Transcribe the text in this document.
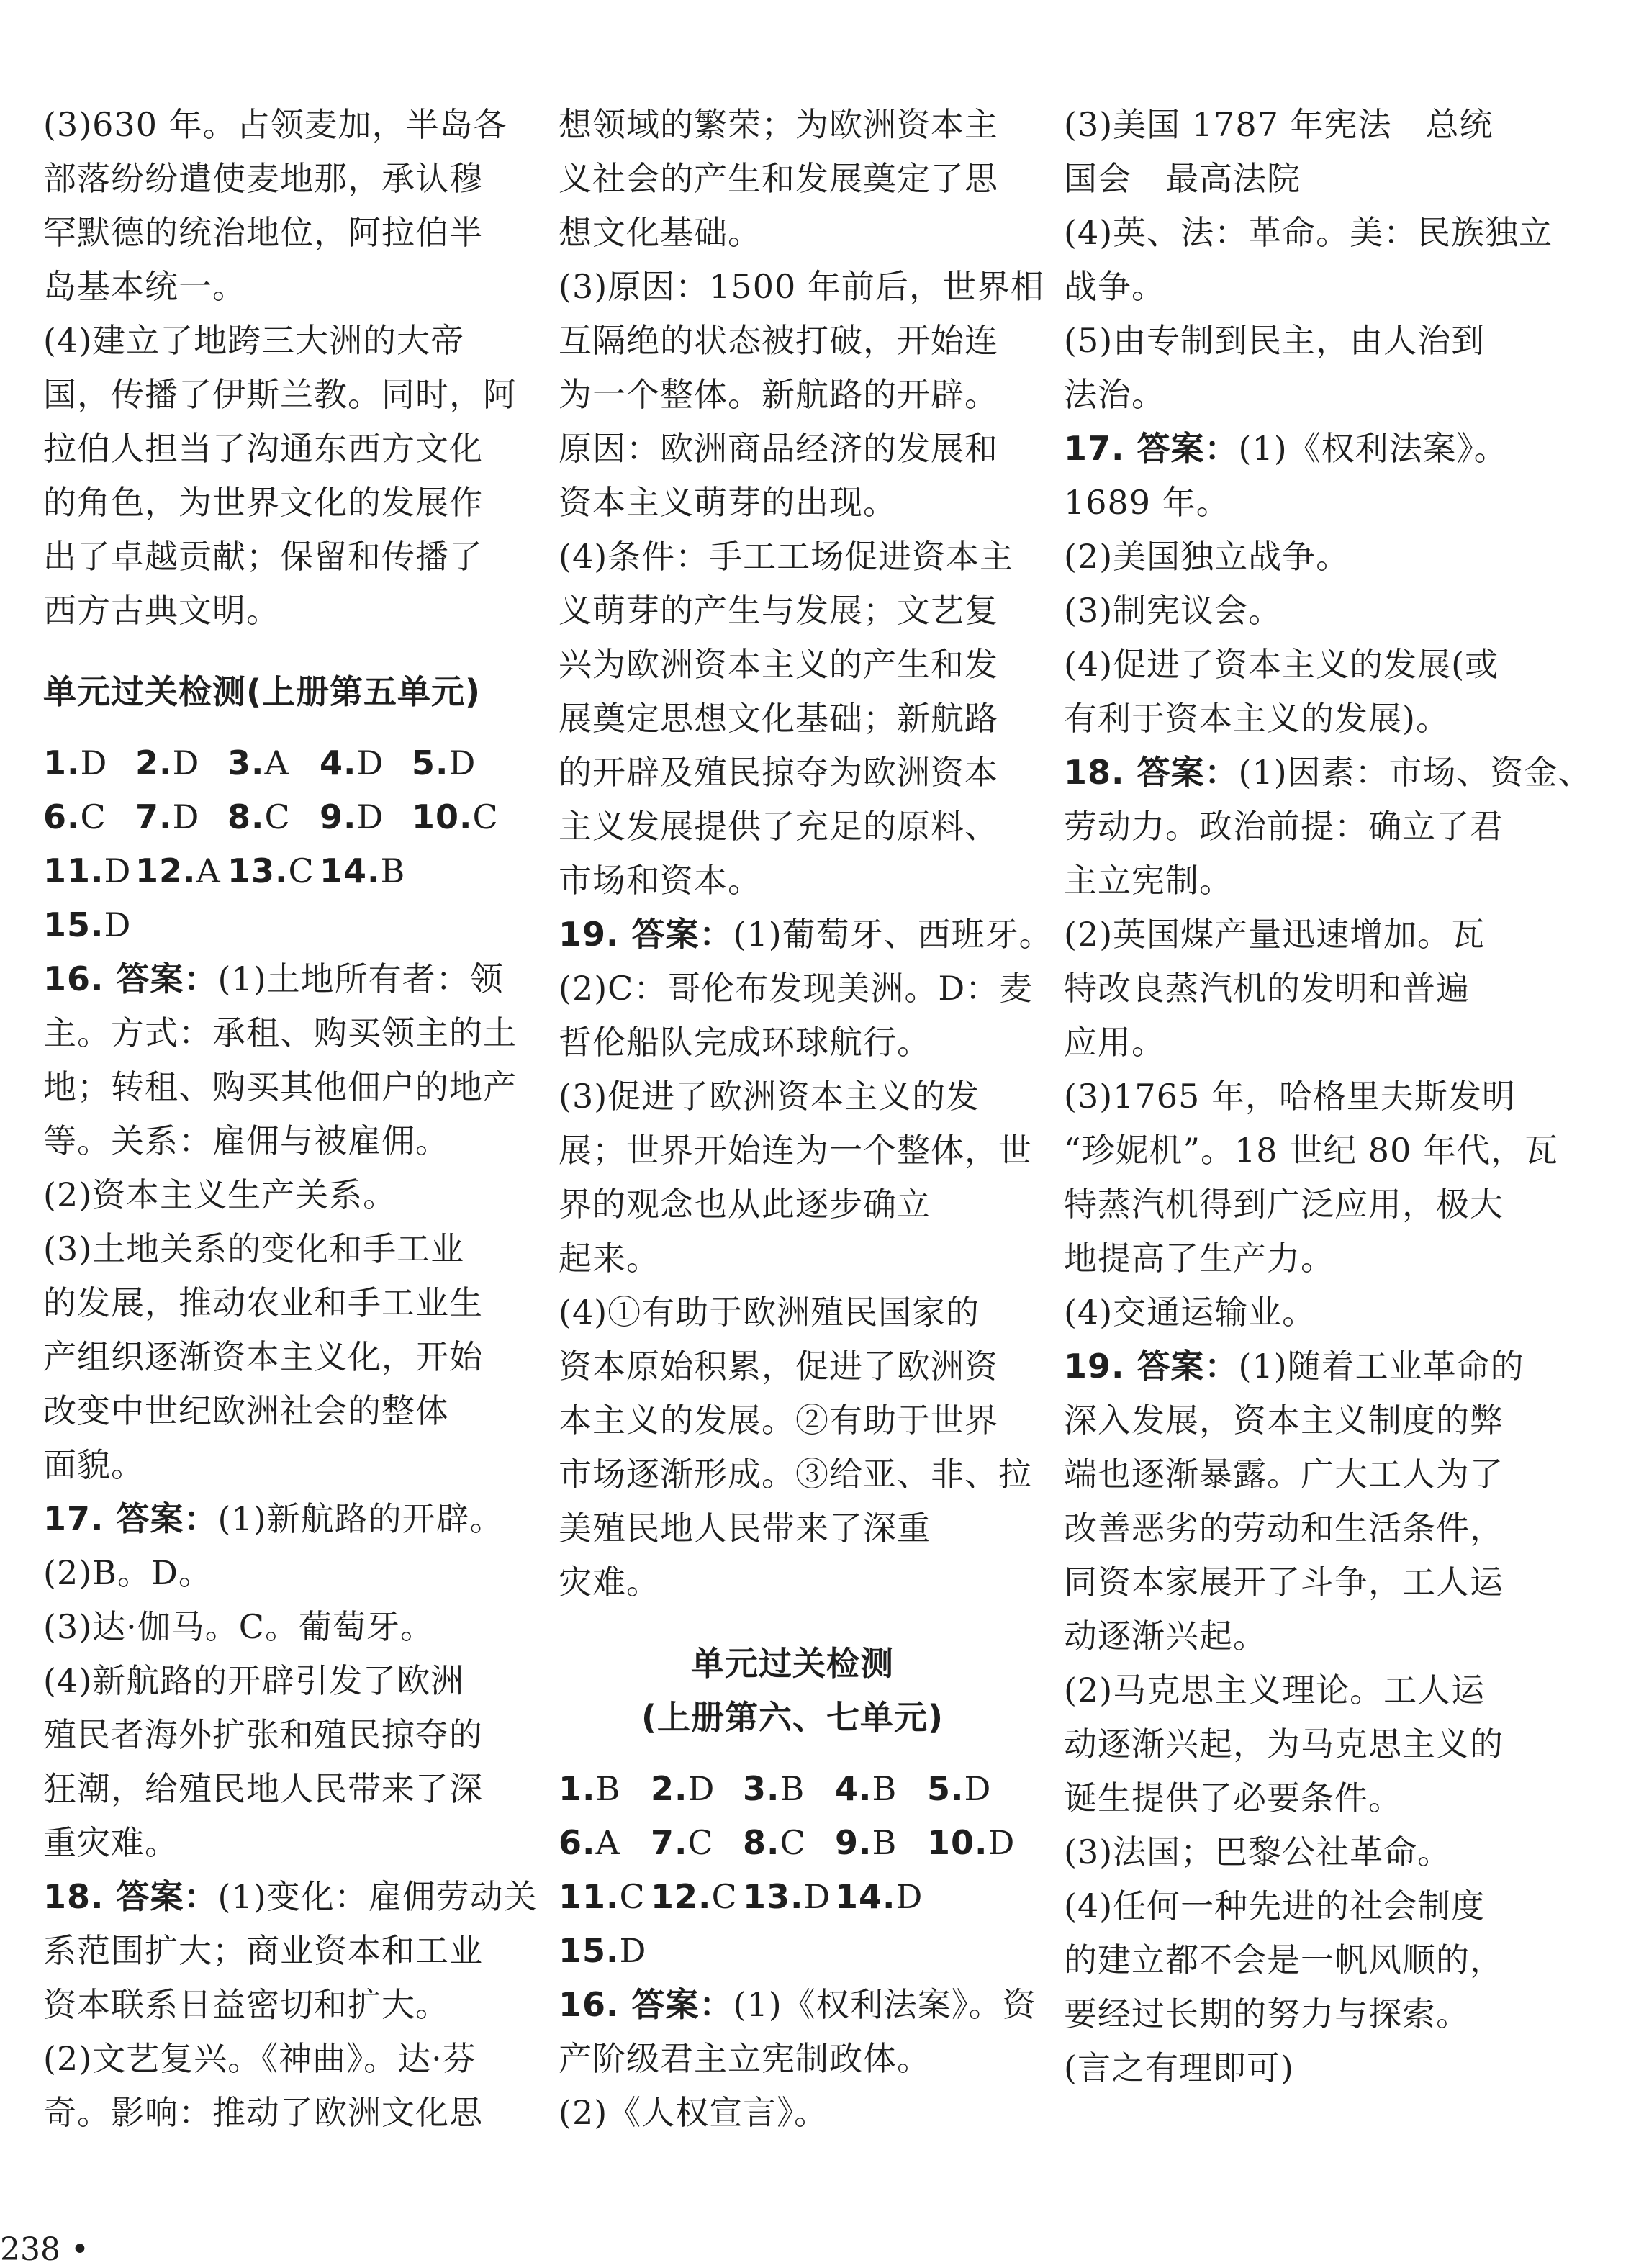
(3)630 年。占领麦加，半岛各
部落纷纷遣使麦地那，承认穆
罕默德的统治地位，阿拉伯半
岛基本统一。
(4)建立了地跨三大洲的大帝
国，传播了伊斯兰教。同时，阿
拉伯人担当了沟通东西方文化
的角色，为世界文化的发展作
出了卓越贡献；保留和传播了
西方古典文明。
单元过关检测(上册第五单元)
1.D 2.D 3.A 4.D 5.D
6.C 7.D 8.C 9.D 10.C
11.D 12.A 13.C 14.B
15.D
16. 答案：(1)土地所有者：领
主。方式：承租、购买领主的土
地；转租、购买其他佃户的地产
等。关系：雇佣与被雇佣。
(2)资本主义生产关系。
(3)土地关系的变化和手工业
的发展，推动农业和手工业生
产组织逐渐资本主义化，开始
改变中世纪欧洲社会的整体
面貌。
17. 答案：(1)新航路的开辟。
(2)B。D。
(3)达·伽马。C。葡萄牙。
(4)新航路的开辟引发了欧洲
殖民者海外扩张和殖民掠夺的
狂潮，给殖民地人民带来了深
重灾难。
18. 答案：(1)变化：雇佣劳动关
系范围扩大；商业资本和工业
资本联系日益密切和扩大。
(2)文艺复兴。《神曲》。达·芬
奇。影响：推动了欧洲文化思
想领域的繁荣；为欧洲资本主
义社会的产生和发展奠定了思
想文化基础。
(3)原因：1500 年前后，世界相
互隔绝的状态被打破，开始连
为一个整体。新航路的开辟。
原因：欧洲商品经济的发展和
资本主义萌芽的出现。
(4)条件：手工工场促进资本主
义萌芽的产生与发展；文艺复
兴为欧洲资本主义的产生和发
展奠定思想文化基础；新航路
的开辟及殖民掠夺为欧洲资本
主义发展提供了充足的原料、
市场和资本。
19. 答案：(1)葡萄牙、西班牙。
(2)C：哥伦布发现美洲。D：麦
哲伦船队完成环球航行。
(3)促进了欧洲资本主义的发
展；世界开始连为一个整体，世
界的观念也从此逐步确立
起来。
(4)①有助于欧洲殖民国家的
资本原始积累，促进了欧洲资
本主义的发展。②有助于世界
市场逐渐形成。③给亚、非、拉
美殖民地人民带来了深重
灾难。
单元过关检测
(上册第六、七单元)
1.B 2.D 3.B 4.B 5.D
6.A 7.C 8.C 9.B 10.D
11.C 12.C 13.D 14.D
15.D
16. 答案：(1)《权利法案》。资
产阶级君主立宪制政体。
(2)《人权宣言》。
(3)美国 1787 年宪法　总统
国会　最高法院
(4)英、法：革命。美：民族独立
战争。
(5)由专制到民主，由人治到
法治。
17. 答案：(1)《权利法案》。
1689 年。
(2)美国独立战争。
(3)制宪议会。
(4)促进了资本主义的发展(或
有利于资本主义的发展)。
18. 答案：(1)因素：市场、资金、
劳动力。政治前提：确立了君
主立宪制。
(2)英国煤产量迅速增加。瓦
特改良蒸汽机的发明和普遍
应用。
(3)1765 年，哈格里夫斯发明
“珍妮机”。18 世纪 80 年代，瓦
特蒸汽机得到广泛应用，极大
地提高了生产力。
(4)交通运输业。
19. 答案：(1)随着工业革命的
深入发展，资本主义制度的弊
端也逐渐暴露。广大工人为了
改善恶劣的劳动和生活条件，
同资本家展开了斗争，工人运
动逐渐兴起。
(2)马克思主义理论。工人运
动逐渐兴起，为马克思主义的
诞生提供了必要条件。
(3)法国；巴黎公社革命。
(4)任何一种先进的社会制度
的建立都不会是一帆风顺的，
要经过长期的努力与探索。
(言之有理即可)
238 •
